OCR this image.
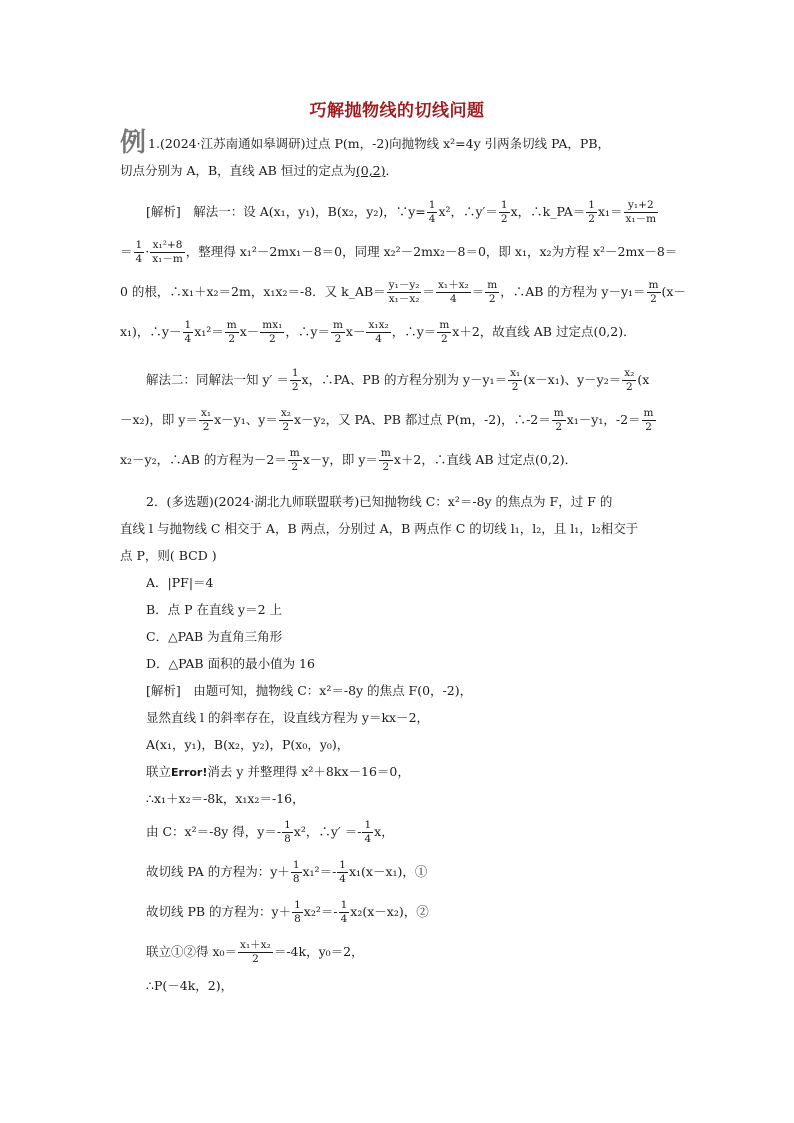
巧解抛物线的切线问题
例 1.(2024·江苏南通如皋调研)过点 P(m，-2)向抛物线 x²=4y 引两条切线 PA，PB，
切点分别为 A，B，直线 AB 恒过的定点为(0,2)．
[解析]　解法一：设 A(x₁，y₁)，B(x₂，y₂)，∵y= $\frac{1}{4} x^2$，∴y′＝ $\frac{1}{2}$ x，∴k_PA＝ $\frac{1}{2} x_1= \frac{\text{y₁+2}}{\text{x₁－m}}$
＝ $\frac{1}{4} \cdot \frac{\text{x₁²+8}}{\text{x₁－m}}$ ，整理得 x₁²－2mx₁－8＝0，同理 x₂²－2mx₂－8＝0，即 x₁，x₂为方程 x²－2mx－8＝
0 的根，∴x₁＋x₂＝2m，x₁x₂＝-8．又 k_AB＝ $\frac{\text{y₁－y₂}}{\text{x₁－x₂}} = \frac{\text{x₁＋x₂}}{4} = \frac{m}{2}$ ，∴AB 的方程为 $y-y_1= \frac{m}{2} (x-$
x₁)，∴y－ $\frac{1}{4} x_1^2= \frac{m}{2} x- \frac{\text{mx₁}}{2}$ ，∴y＝ $\frac{m}{2} x- \frac{\text{x₁x₂}}{4}$ ，∴y＝ $\frac{m}{2} x+2$，故直线 AB 过定点(0,2)．
解法二：同解法一知 $y' = \frac{1}{2}$ x，∴PA、PB 的方程分别为 $y-y_1= \frac{\text{x₁}}{2} (x-x_1)$、$y-y_2= \frac{\text{x₂}}{2} (x$
－x₂)，即 $y= \frac{\text{x₁}}{2} x-y_1$、$y= \frac{\text{x₂}}{2} x-y_2$，又 PA、PB 都过点 P(m，-2)，∴-2＝ $\frac{m}{2} x_1-y_1$，$-2= \frac{m}{2}$
x₂－y₂，∴AB 的方程为$-2= \frac{m}{2} x-y$，即 $y= \frac{m}{2} x+2$，∴直线 AB 过定点(0,2)．
2．(多选题)(2024·湖北九师联盟联考)已知抛物线 C：x²＝-8y 的焦点为 F，过 F 的
直线 l 与抛物线 C 相交于 A，B 两点，分别过 A，B 两点作 C 的切线 l₁，l₂，且 l₁，l₂相交于
点 P，则( BCD )
A．|PF|＝4
B．点 P 在直线 y＝2 上
C．△PAB 为直角三角形
D．△PAB 面积的最小值为 16
[解析]　由题可知，抛物线 C：x²＝-8y 的焦点 F(0，-2)，
显然直线 l 的斜率存在，设直线方程为 y＝kx－2，
A(x₁，y₁)，B(x₂，y₂)，P(x₀，y₀)，
联立Error!消去 y 并整理得 x²＋8kx－16＝0，
∴x₁＋x₂＝-8k，x₁x₂＝-16，
由 C：x²＝-8y 得，$y=- \frac{1}{8} x^2$，∴y′ ＝- $\frac{1}{4}$ x，
故切线 PA 的方程为：$y+ \frac{1}{8} x_1^2=- \frac{1}{4} x_1(x-x_1)$，①
故切线 PB 的方程为：$y+ \frac{1}{8} x_2^2=- \frac{1}{4} x_2(x-x_2)$，②
联立①②得 $x_0= \frac{\text{x₁＋x₂}}{2} =-4k$，y₀＝2，
∴P(－4k，2)，
